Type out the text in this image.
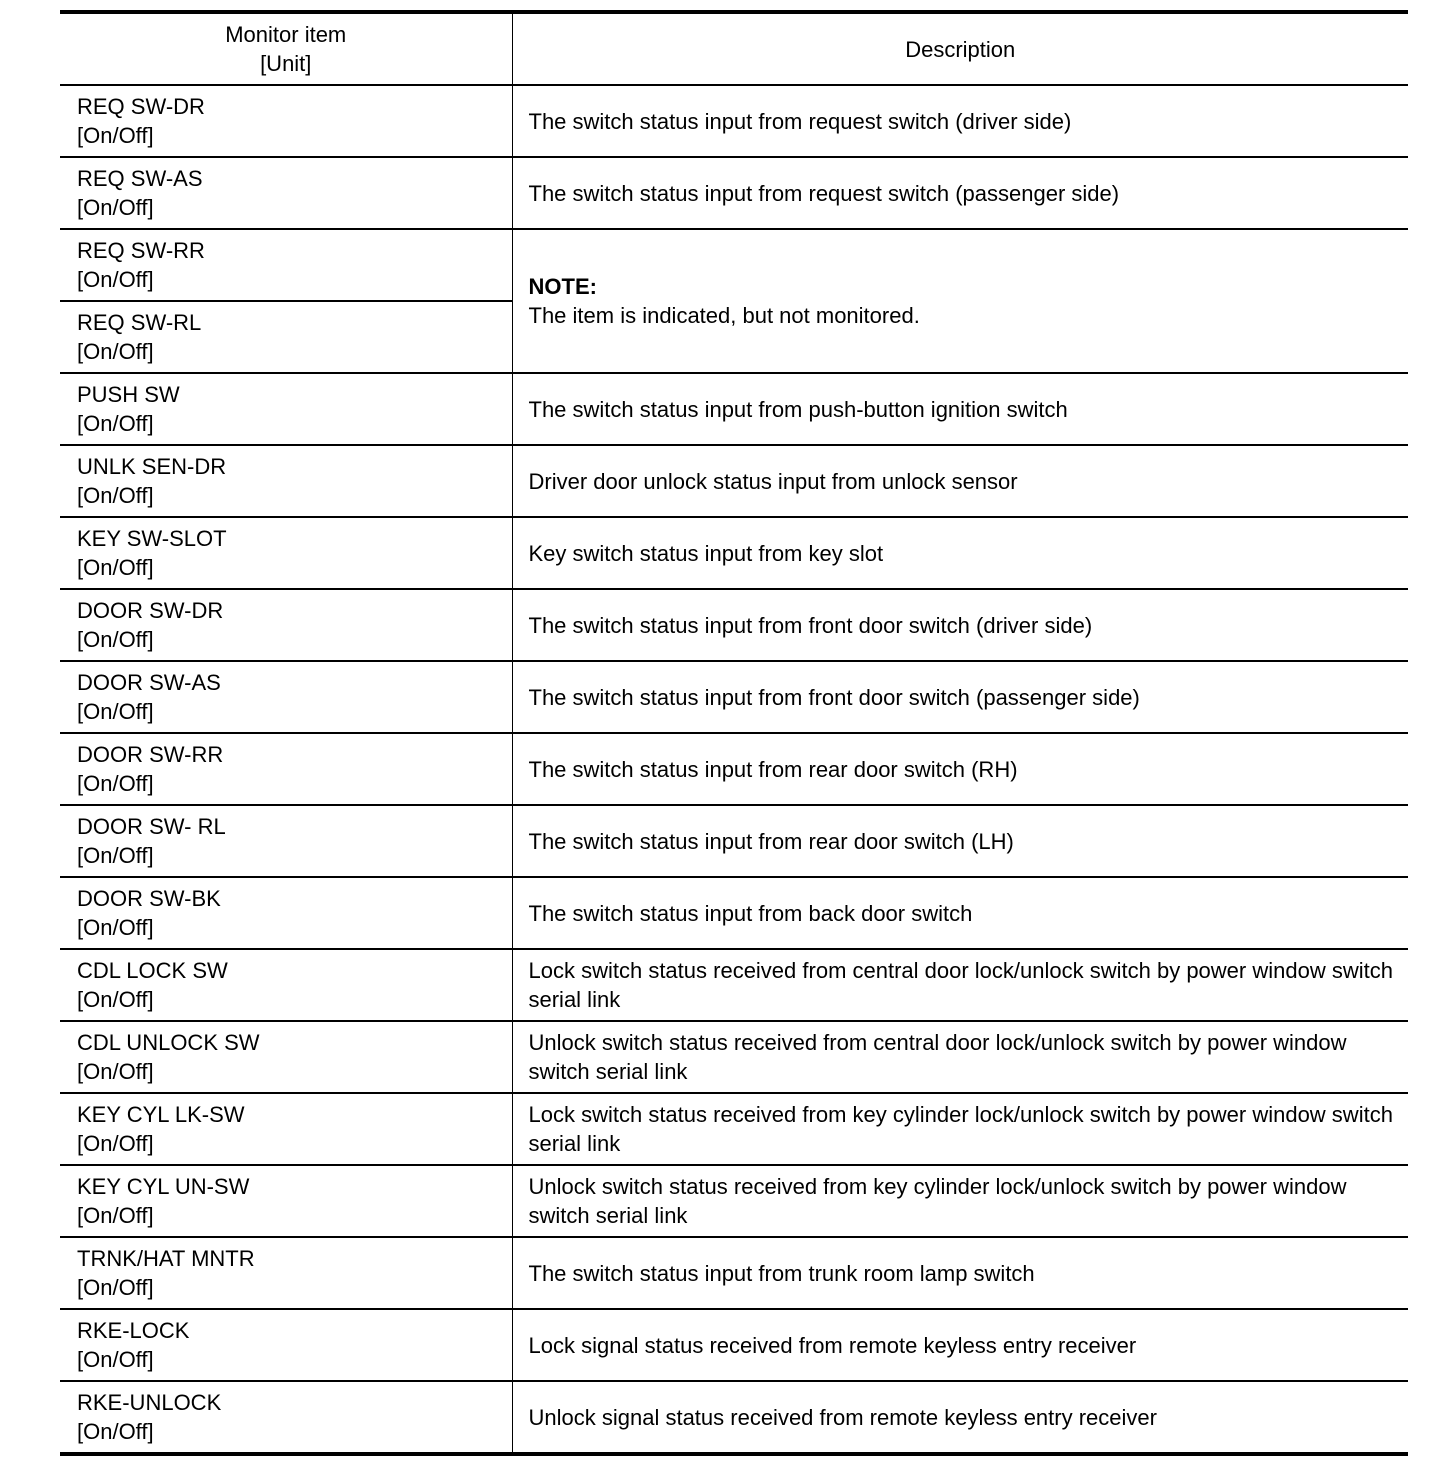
Monitor item
[Unit]	Description

REQ SW-DR
[On/Off]	The switch status input from request switch (driver side)

REQ SW-AS
[On/Off]	The switch status input from request switch (passenger side)

REQ SW-RR
[On/Off]	NOTE:
The item is indicated, but not monitored.

REQ SW-RL
[On/Off]	

PUSH SW
[On/Off]	The switch status input from push-button ignition switch

UNLK SEN-DR
[On/Off]	Driver door unlock status input from unlock sensor

KEY SW-SLOT
[On/Off]	Key switch status input from key slot

DOOR SW-DR
[On/Off]	The switch status input from front door switch (driver side)

DOOR SW-AS
[On/Off]	The switch status input from front door switch (passenger side)

DOOR SW-RR
[On/Off]	The switch status input from rear door switch (RH)

DOOR SW- RL
[On/Off]	The switch status input from rear door switch (LH)

DOOR SW-BK
[On/Off]	The switch status input from back door switch

CDL LOCK SW
[On/Off]	Lock switch status received from central door lock/unlock switch by power window switch serial link

CDL UNLOCK SW
[On/Off]	Unlock switch status received from central door lock/unlock switch by power window switch serial link

KEY CYL LK-SW
[On/Off]	Lock switch status received from key cylinder lock/unlock switch by power window switch serial link

KEY CYL UN-SW
[On/Off]	Unlock switch status received from key cylinder lock/unlock switch by power window switch serial link

TRNK/HAT MNTR
[On/Off]	The switch status input from trunk room lamp switch

RKE-LOCK
[On/Off]	Lock signal status received from remote keyless entry receiver

RKE-UNLOCK
[On/Off]	Unlock signal status received from remote keyless entry receiver
